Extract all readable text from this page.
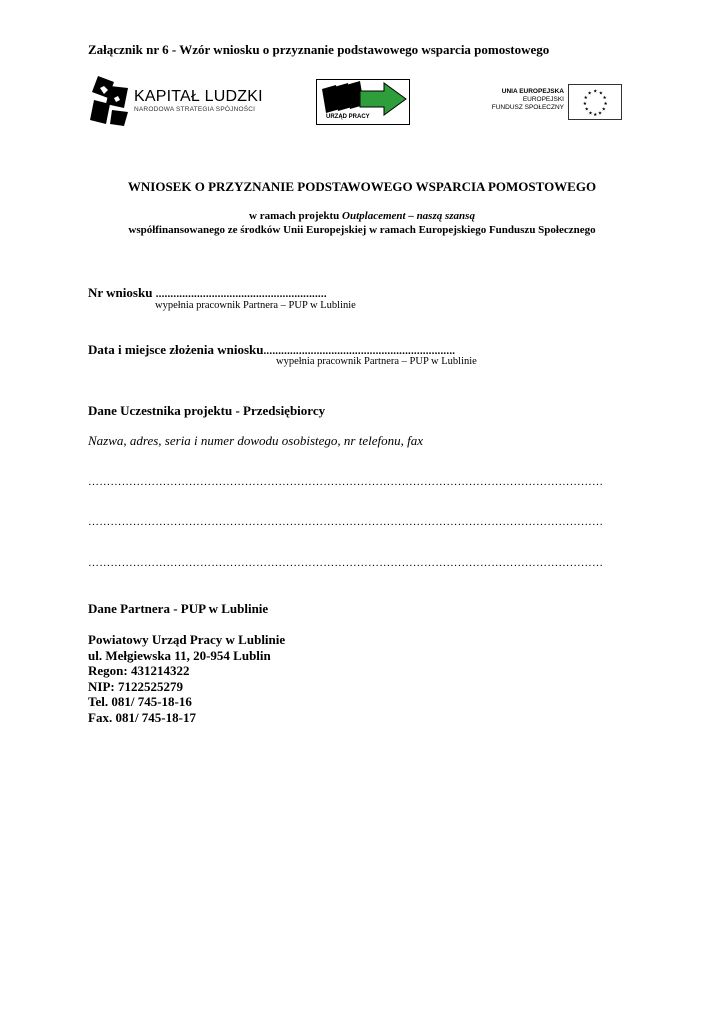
Załącznik nr 6 - Wzór wniosku o przyznanie podstawowego wsparcia pomostowego
KAPITAŁ LUDZKI
NARODOWA STRATEGIA SPÓJNOŚCI
URZĄD PRACY
UNIA EUROPEJSKA
EUROPEJSKI
FUNDUSZ SPOŁECZNY
★ ★
★
★
★
★
★
★
★
★
★
★
WNIOSEK O PRZYZNANIE PODSTAWOWEGO WSPARCIA POMOSTOWEGO
w ramach projektu Outplacement – naszą szansą
współfinansowanego ze środków Unii Europejskiej w ramach Europejskiego Funduszu Społecznego
Nr wniosku ..........................................................
wypełnia pracownik Partnera – PUP w Lublinie
Data i miejsce złożenia wniosku.................................................................
wypełnia pracownik Partnera – PUP w Lublinie
Dane Uczestnika projektu - Przedsiębiorcy
Nazwa, adres, seria i numer dowodu osobistego, nr telefonu, fax
…………………………………………………………………………………………………………………………
…………………………………………………………………………………………………………………………
…………………………………………………………………………………………………………………………
Dane Partnera - PUP w Lublinie
Powiatowy Urząd Pracy w Lublinie
ul. Mełgiewska 11, 20-954 Lublin
Regon: 431214322
NIP: 7122525279
Tel. 081/ 745-18-16
Fax. 081/ 745-18-17
